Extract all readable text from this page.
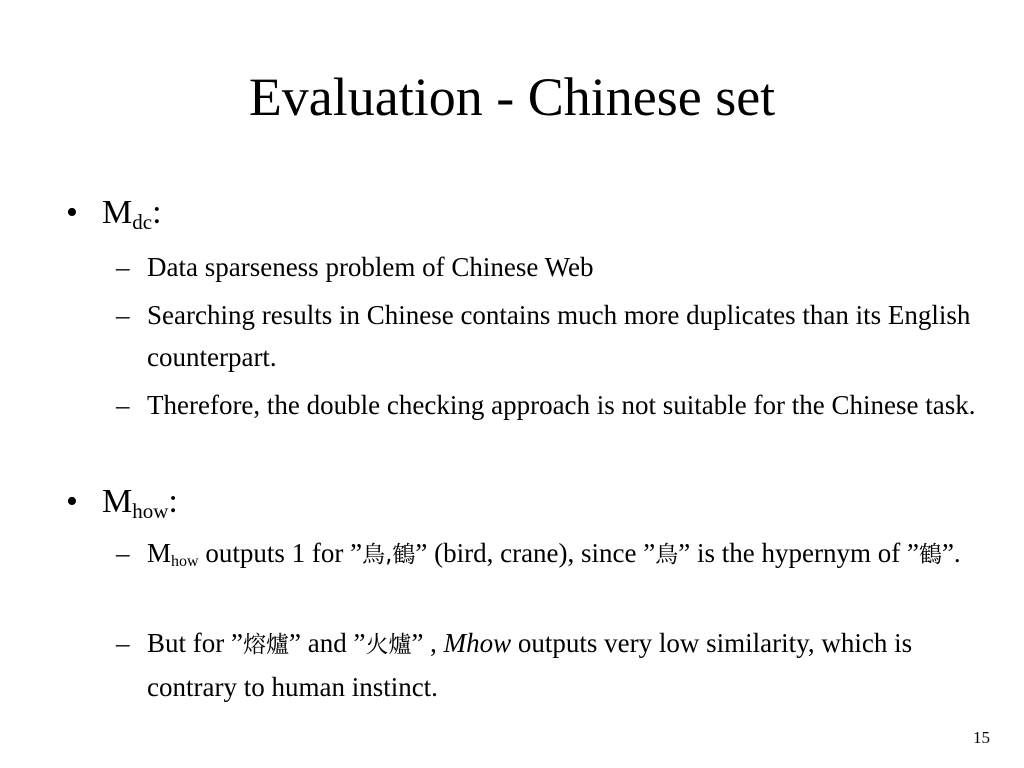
Evaluation - Chinese set
• $M_{dc}$:
– Data sparseness problem of Chinese Web
– Searching results in Chinese contains much more duplicates than its English counterpart.
– Therefore, the double checking approach is not suitable for the Chinese task.
• $M_{how}$:
– Mhow outputs 1 for ”鳥,鶴” (bird, crane), since ”鳥” is the hypernym of ”鶴”.
– But for ”熔爐” and ”火爐” , Mhow outputs very low similarity, which is contrary to human instinct.
15
